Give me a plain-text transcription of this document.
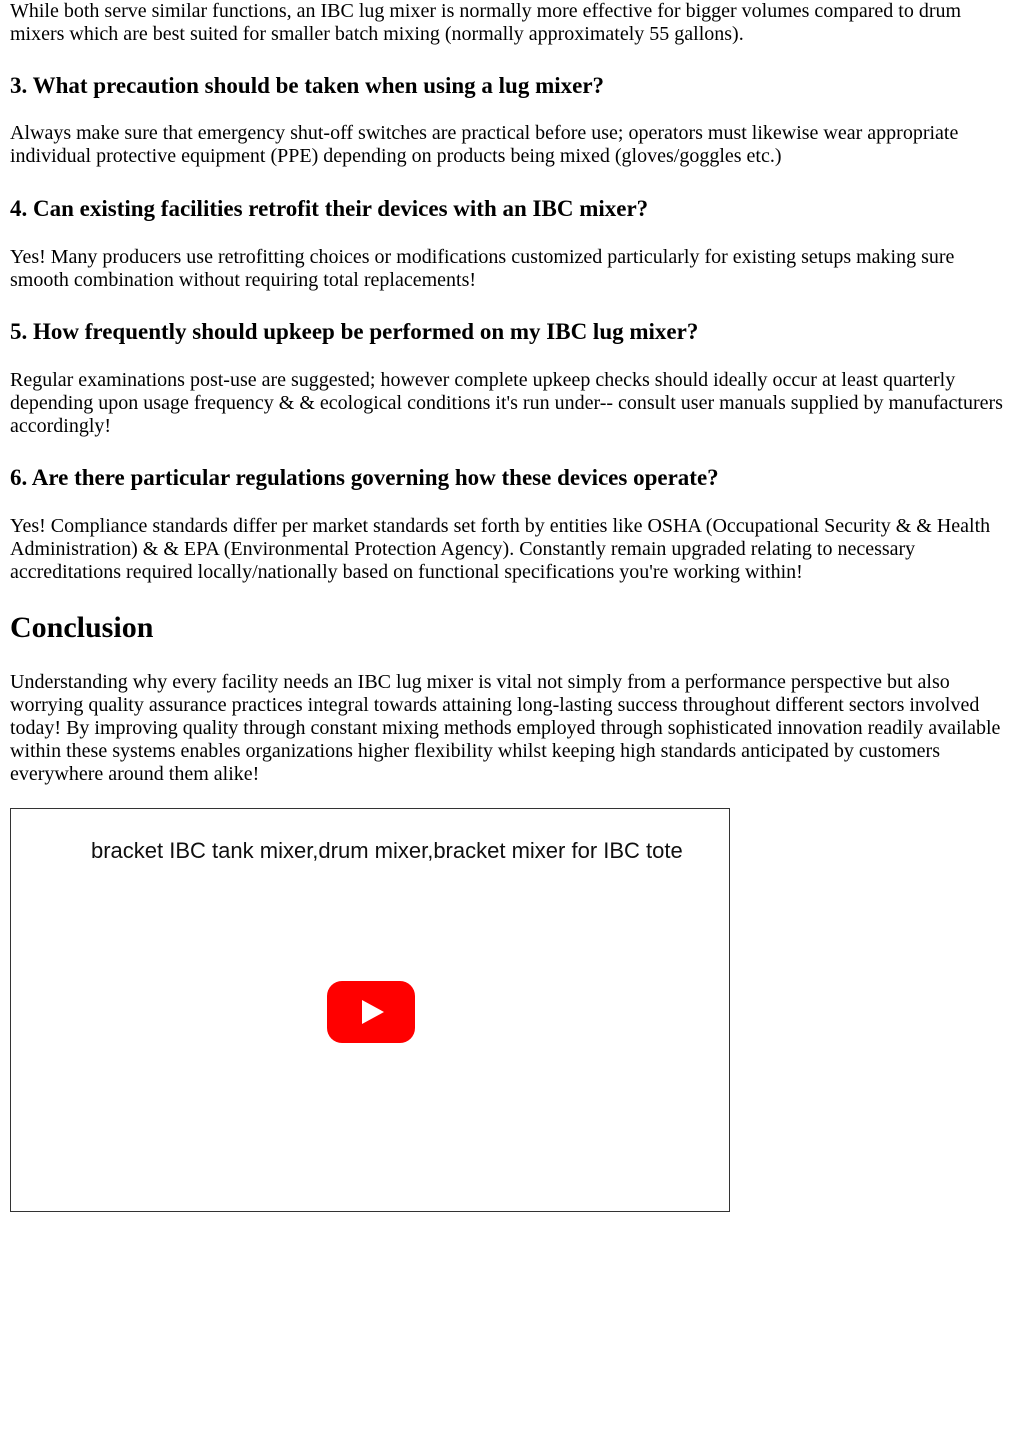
While both serve similar functions, an IBC lug mixer is normally more effective for bigger volumes compared to drum mixers which are best suited for smaller batch mixing (normally approximately 55 gallons).

3. What precaution should be taken when using a lug mixer?

Always make sure that emergency shut-off switches are practical before use; operators must likewise wear appropriate individual protective equipment (PPE) depending on products being mixed (gloves/goggles etc.)

4. Can existing facilities retrofit their devices with an IBC mixer?

Yes! Many producers use retrofitting choices or modifications customized particularly for existing setups making sure smooth combination without requiring total replacements!

5. How frequently should upkeep be performed on my IBC lug mixer?

Regular examinations post-use are suggested; however complete upkeep checks should ideally occur at least quarterly depending upon usage frequency & & ecological conditions it's run under-- consult user manuals supplied by manufacturers accordingly!

6. Are there particular regulations governing how these devices operate?

Yes! Compliance standards differ per market standards set forth by entities like OSHA (Occupational Security & & Health Administration) & & EPA (Environmental Protection Agency). Constantly remain upgraded relating to necessary accreditations required locally/nationally based on functional specifications you're working within!

Conclusion

Understanding why every facility needs an IBC lug mixer is vital not simply from a performance perspective but also worrying quality assurance practices integral towards attaining long-lasting success throughout different sectors involved today! By improving quality through constant mixing methods employed through sophisticated innovation readily available within these systems enables organizations higher flexibility whilst keeping high standards anticipated by customers everywhere around them alike!

bracket IBC tank mixer,drum mixer,bracket mixer for IBC tote
